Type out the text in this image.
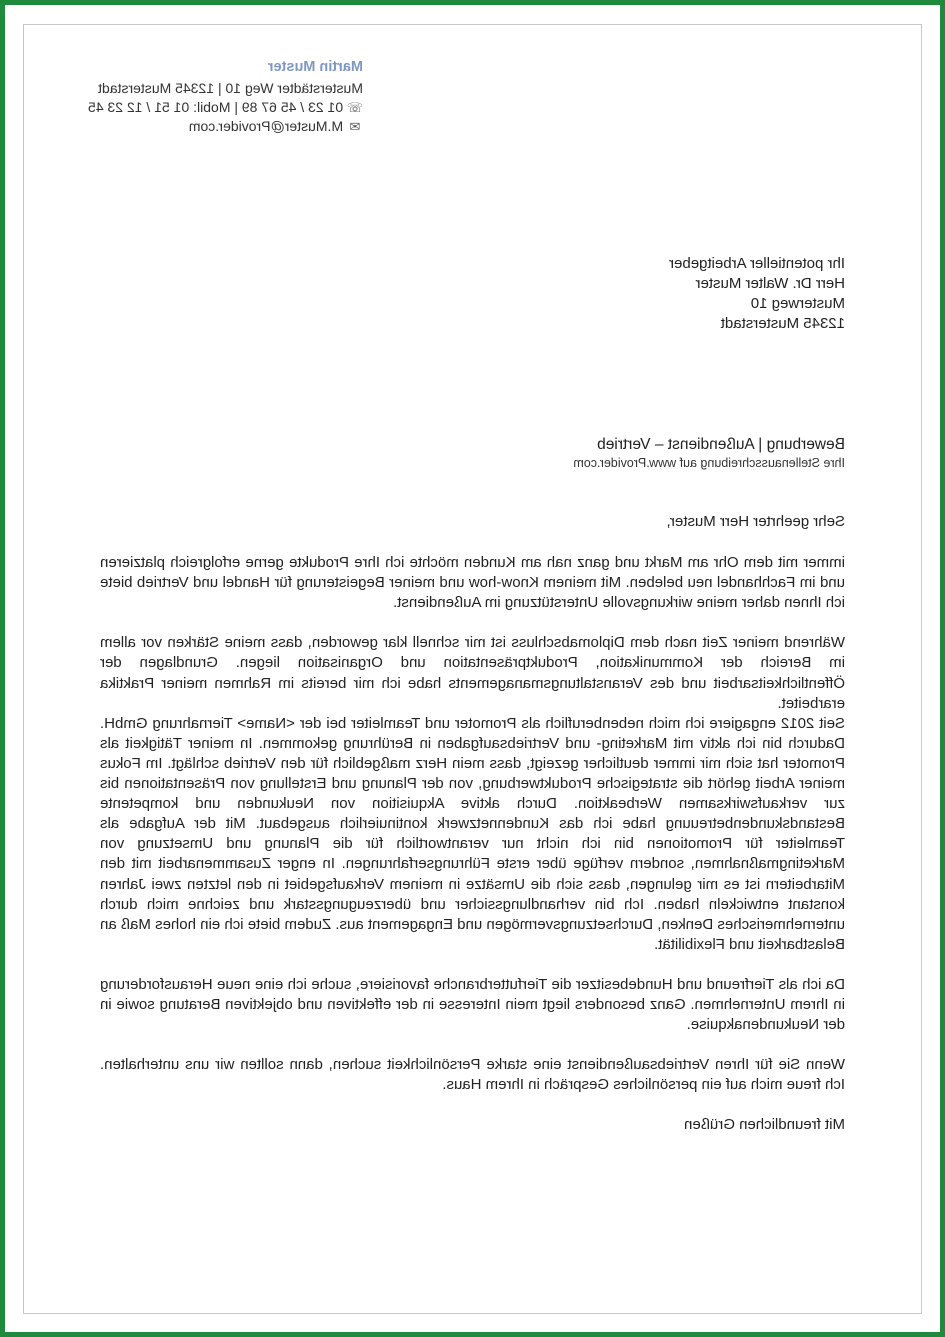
Martin Muster
Musterstädter Weg 10 | 12345 Musterstadt
☏ 01 23 / 45 67 89 | Mobil: 01 51 / 12 23 45
✉ M.Muster@Provider.com
Ihr potentieller Arbeitgeber
Herr Dr. Walter Muster
Musterweg 10
12345 Musterstadt
Bewerbung | Außendienst – Vertrieb
Ihre Stellenausschreibung auf www.Provider.com
Sehr geehrter Herr Muster,

immer mit dem Ohr am Markt und ganz nah am Kunden möchte ich Ihre Produkte gerne erfolgreich platzieren und im Fachhandel neu beleben. Mit meinem Know-how und meiner Begeisterung für Handel und Vertrieb biete ich Ihnen daher meine wirkungsvolle Unterstützung im Außendienst.

Während meiner Zeit nach dem Diplomabschluss ist mir schnell klar geworden, dass meine Stärken vor allem im Bereich der Kommunikation, Produktpräsentation und Organisation liegen. Grundlagen der Öffentlichkeitsarbeit und des Veranstaltungsmanagements habe ich mir bereits im Rahmen meiner Praktika erarbeitet.

Seit 2012 engagiere ich mich nebenberuflich als Promoter und Teamleiter bei der <Name> Tiernahrung GmbH. Dadurch bin ich aktiv mit Marketing- und Vertriebsaufgaben in Berührung gekommen. In meiner Tätigkeit als Promoter hat sich mir immer deutlicher gezeigt, dass mein Herz maßgeblich für den Vertrieb schlägt. Im Fokus meiner Arbeit gehört die strategische Produktwerbung, von der Planung und Erstellung von Präsentationen bis zur verkaufswirksamen Werbeaktion. Durch aktive Akquisition von Neukunden und kompetente Bestandskundenbetreuung habe ich das Kundennetzwerk kontinuierlich ausgebaut. Mit der Aufgabe als Teamleiter für Promotionen bin ich nicht nur verantwortlich für die Planung und Umsetzung von Marketingmaßnahmen, sondern verfüge über erste Führungserfahrungen. In enger Zusammenarbeit mit den Mitarbeitern ist es mir gelungen, dass sich die Umsätze in meinem Verkaufsgebiet in den letzten zwei Jahren konstant entwickeln haben. Ich bin verhandlungssicher und überzeugungsstark und zeichne mich durch unternehmerisches Denken, Durchsetzungsvermögen und Engagement aus. Zudem biete ich ein hohes Maß an Belastbarkeit und Flexibilität.

Da ich als Tierfreund und Hundebesitzer die Tierfutterbranche favorisiere, suche ich eine neue Herausforderung in Ihrem Unternehmen. Ganz besonders liegt mein Interesse in der effektiven und objektiven Beratung sowie in der Neukundenakquise.

Wenn Sie für Ihren Vertriebsaußendienst eine starke Persönlichkeit suchen, dann sollten wir uns unterhalten. Ich freue mich auf ein persönliches Gespräch in Ihrem Haus.

Mit freundlichen Grüßen
